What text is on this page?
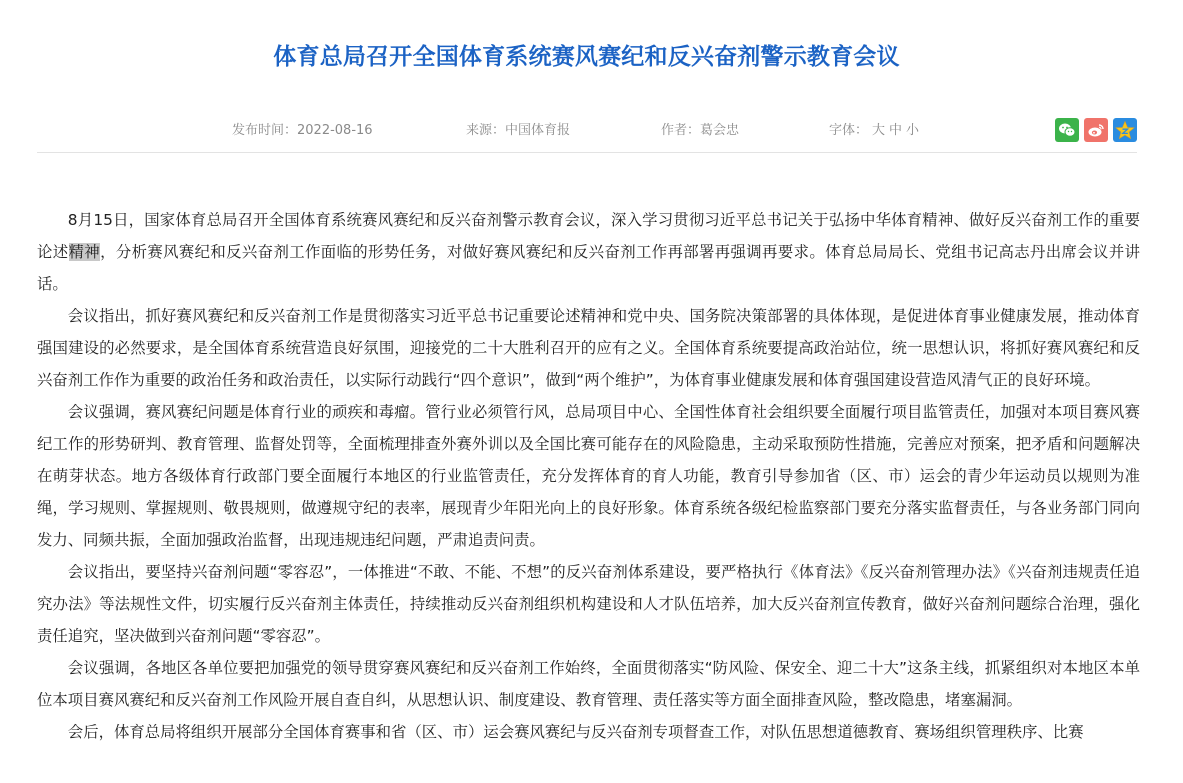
体育总局召开全国体育系统赛风赛纪和反兴奋剂警示教育会议
发布时间：2022-08-16	来源：中国体育报	作者：葛会忠	字体： 大 中 小

8月15日，国家体育总局召开全国体育系统赛风赛纪和反兴奋剂警示教育会议，深入学习贯彻习近平总书记关于弘扬中华体育精神、做好反兴奋剂工作的重要论述精神，分析赛风赛纪和反兴奋剂工作面临的形势任务，对做好赛风赛纪和反兴奋剂工作再部署再强调再要求。体育总局局长、党组书记高志丹出席会议并讲话。

会议指出，抓好赛风赛纪和反兴奋剂工作是贯彻落实习近平总书记重要论述精神和党中央、国务院决策部署的具体体现，是促进体育事业健康发展，推动体育强国建设的必然要求，是全国体育系统营造良好氛围，迎接党的二十大胜利召开的应有之义。全国体育系统要提高政治站位，统一思想认识，将抓好赛风赛纪和反兴奋剂工作作为重要的政治任务和政治责任，以实际行动践行“四个意识”，做到“两个维护”，为体育事业健康发展和体育强国建设营造风清气正的良好环境。

会议强调，赛风赛纪问题是体育行业的顽疾和毒瘤。管行业必须管行风，总局项目中心、全国性体育社会组织要全面履行项目监管责任，加强对本项目赛风赛纪工作的形势研判、教育管理、监督处罚等，全面梳理排查外赛外训以及全国比赛可能存在的风险隐患，主动采取预防性措施，完善应对预案，把矛盾和问题解决在萌芽状态。地方各级体育行政部门要全面履行本地区的行业监管责任，充分发挥体育的育人功能，教育引导参加省（区、市）运会的青少年运动员以规则为准绳，学习规则、掌握规则、敬畏规则，做遵规守纪的表率，展现青少年阳光向上的良好形象。体育系统各级纪检监察部门要充分落实监督责任，与各业务部门同向发力、同频共振，全面加强政治监督，出现违规违纪问题，严肃追责问责。

会议指出，要坚持兴奋剂问题“零容忍”，一体推进“不敢、不能、不想”的反兴奋剂体系建设，要严格执行《体育法》《反兴奋剂管理办法》《兴奋剂违规责任追究办法》等法规性文件，切实履行反兴奋剂主体责任，持续推动反兴奋剂组织机构建设和人才队伍培养，加大反兴奋剂宣传教育，做好兴奋剂问题综合治理，强化责任追究，坚决做到兴奋剂问题“零容忍”。

会议强调，各地区各单位要把加强党的领导贯穿赛风赛纪和反兴奋剂工作始终，全面贯彻落实“防风险、保安全、迎二十大”这条主线，抓紧组织对本地区本单位本项目赛风赛纪和反兴奋剂工作风险开展自查自纠，从思想认识、制度建设、教育管理、责任落实等方面全面排查风险，整改隐患，堵塞漏洞。

会后，体育总局将组织开展部分全国体育赛事和省（区、市）运会赛风赛纪与反兴奋剂专项督查工作，对队伍思想道德教育、赛场组织管理秩序、比赛
